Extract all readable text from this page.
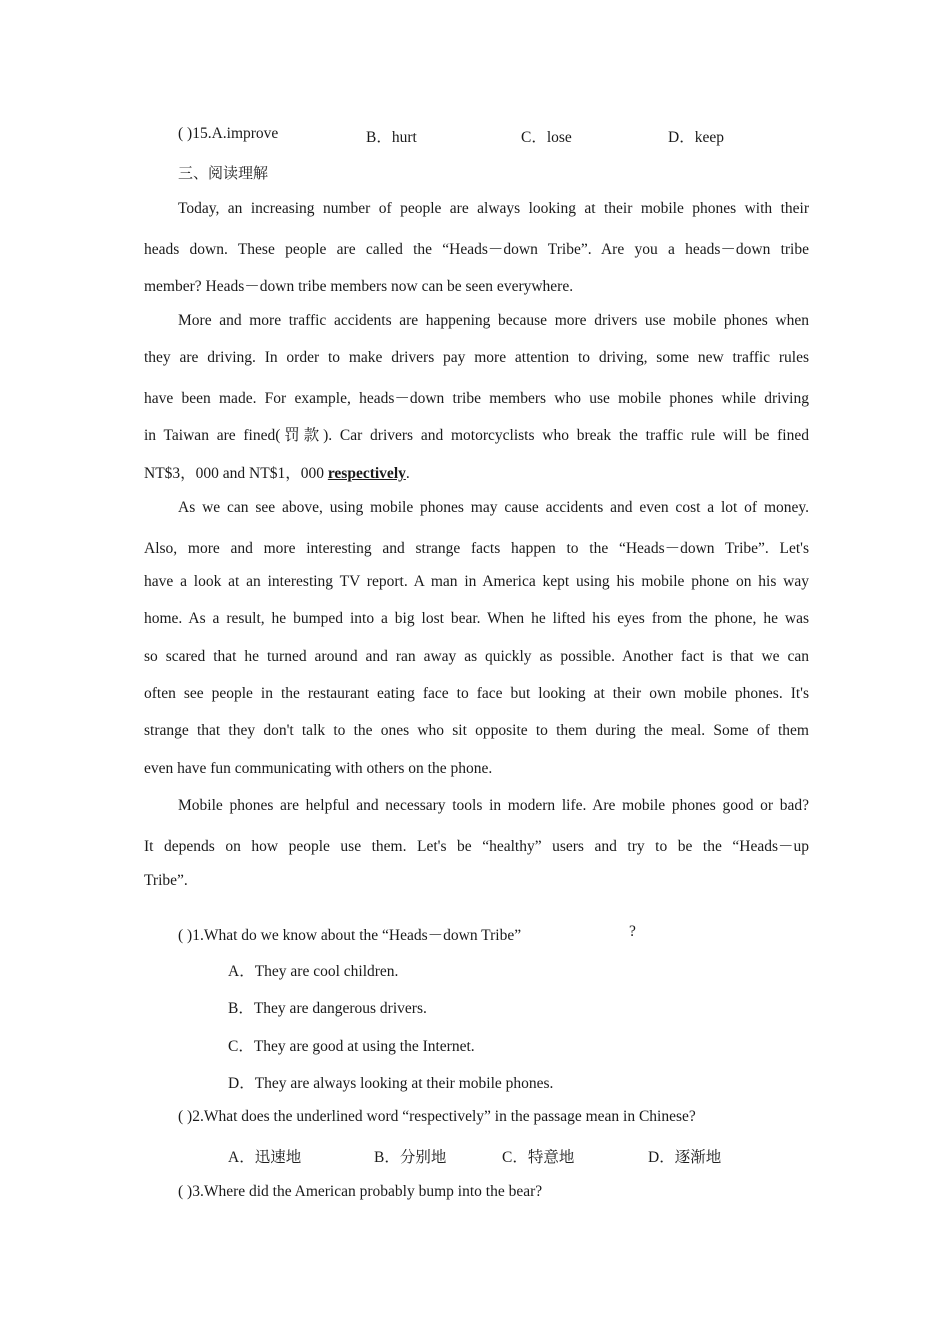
( )15.A.improve	B．hurt	C．lose	D．keep
三、阅读理解
Today, an increasing number of people are always looking at their mobile phones with their
heads down. These people are called the “Heads－down Tribe”. Are you a heads－down tribe
member? Heads－down tribe members now can be seen everywhere.
More and more traffic accidents are happening because more drivers use mobile phones when
they are driving. In order to make drivers pay more attention to driving, some new traffic rules
have been made. For example, heads－down tribe members who use mobile phones while driving
in Taiwan are fined(罚款). Car drivers and motorcyclists who break the traffic rule will be fined
NT$3，000 and NT$1，000 respectively.
As we can see above, using mobile phones may cause accidents and even cost a lot of money.
Also, more and more interesting and strange facts happen to the “Heads－down Tribe”. Let's
have a look at an interesting TV report. A man in America kept using his mobile phone on his way
home. As a result, he bumped into a big lost bear. When he lifted his eyes from the phone, he was
so scared that he turned around and ran away as quickly as possible. Another fact is that we can
often see people in the restaurant eating face to face but looking at their own mobile phones. It's
strange that they don't talk to the ones who sit opposite to them during the meal. Some of them
even have fun communicating with others on the phone.
Mobile phones are helpful and necessary tools in modern life. Are mobile phones good or bad?
It depends on how people use them. Let's be “healthy” users and try to be the “Heads－up
Tribe”.
( )1.What do we know about the “Heads－down Tribe”	?
A．They are cool children.
B．They are dangerous drivers.
C．They are good at using the Internet.
D．They are always looking at their mobile phones.
( )2.What does the underlined word “respectively” in the passage mean in Chinese?
A．迅速地	B．分别地	C．特意地	D．逐渐地
( )3.Where did the American probably bump into the bear?
